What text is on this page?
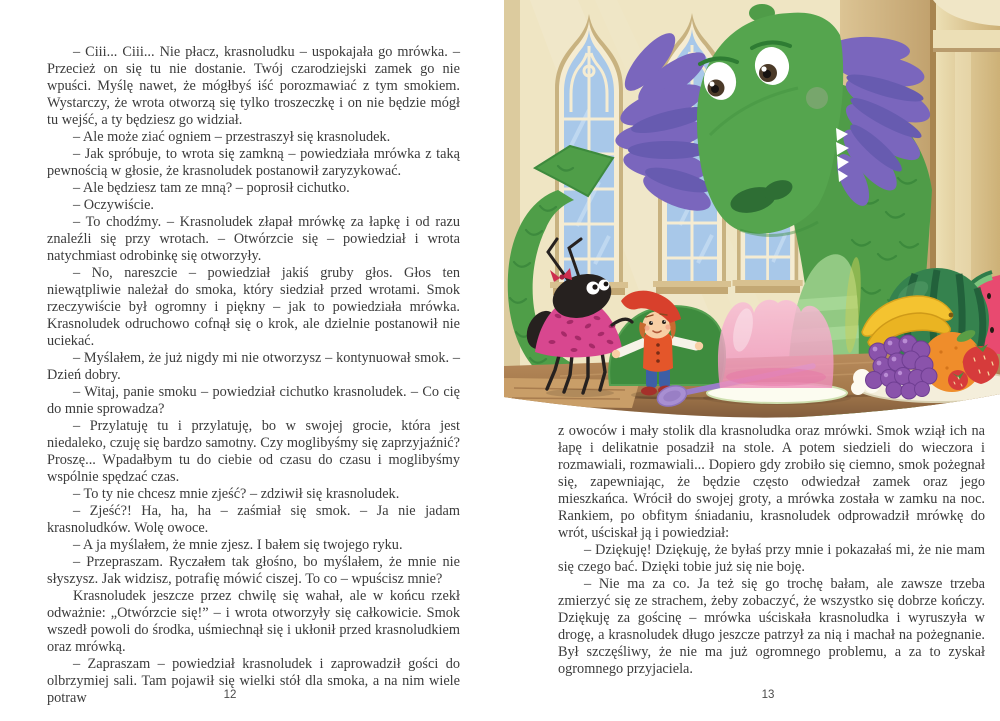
– Ciii... Ciii... Nie płacz, krasnoludku – uspokajała go mrówka. – Przecież on się tu nie dostanie. Twój czarodziejski zamek go nie wpuści. Myślę nawet, że mógłbyś iść porozmawiać z tym smokiem. Wystarczy, że wrota otworzą się tylko troszeczkę i on nie będzie mógł tu wejść, a ty będziesz go widział.

– Ale może ziać ogniem – przestraszył się krasnoludek.

– Jak spróbuje, to wrota się zamkną – powiedziała mrówka z taką pewnością w głosie, że krasnoludek postanowił zaryzykować.

– Ale będziesz tam ze mną? – poprosił cichutko.

– Oczywiście.

– To chodźmy. – Krasnoludek złapał mrówkę za łapkę i od razu znaleźli się przy wrotach. – Otwórzcie się – powiedział i wrota natychmiast odrobinkę się otworzyły.

– No, nareszcie – powiedział jakiś gruby głos. Głos ten niewątpliwie należał do smoka, który siedział przed wrotami. Smok rzeczywiście był ogromny i piękny – jak to powiedziała mrówka. Krasnoludek odruchowo cofnął się o krok, ale dzielnie postanowił nie uciekać.

– Myślałem, że już nigdy mi nie otworzysz – kontynuował smok. – Dzień dobry.

– Witaj, panie smoku – powiedział cichutko krasnoludek. – Co cię do mnie sprowadza?

– Przylatuję tu i przylatuję, bo w swojej grocie, która jest niedaleko, czuję się bardzo samotny. Czy moglibyśmy się zaprzyjaźnić? Proszę... Wpadałbym tu do ciebie od czasu do czasu i moglibyśmy wspólnie spędzać czas.

– To ty nie chcesz mnie zjeść? – zdziwił się krasnoludek.

– Zjeść?! Ha, ha, ha – zaśmiał się smok. – Ja nie jadam krasnoludków. Wolę owoce.

– A ja myślałem, że mnie zjesz. I bałem się twojego ryku.

– Przepraszam. Ryczałem tak głośno, bo myślałem, że mnie nie słyszysz. Jak widzisz, potrafię mówić ciszej. To co – wpuścisz mnie?

Krasnoludek jeszcze przez chwilę się wahał, ale w końcu rzekł odważnie: „Otwórzcie się!” – i wrota otworzyły się całkowicie. Smok wszedł powoli do środka, uśmiechnął się i ukłonił przed krasnoludkiem oraz mrówką.

– Zapraszam – powiedział krasnoludek i zaprowadził gości do olbrzymiej sali. Tam pojawił się wielki stół dla smoka, a na nim wiele potraw	12

z owoców i mały stolik dla krasnoludka oraz mrówki. Smok wziął ich na łapę i delikatnie posadził na stole. A potem siedzieli do wieczora i rozmawiali, rozmawiali... Dopiero gdy zrobiło się ciemno, smok pożegnał się, zapewniając, że będzie często odwiedzał zamek oraz jego mieszkańca. Wrócił do swojej groty, a mrówka została w zamku na noc. Rankiem, po obfitym śniadaniu, krasnoludek odprowadził mrówkę do wrót, uściskał ją i powiedział:

– Dziękuję! Dziękuję, że byłaś przy mnie i pokazałaś mi, że nie mam się czego bać. Dzięki tobie już się nie boję.

– Nie ma za co. Ja też się go trochę bałam, ale zawsze trzeba zmierzyć się ze strachem, żeby zobaczyć, że wszystko się dobrze kończy. Dziękuję za gościnę – mrówka uściskała krasnoludka i wyruszyła w drogę, a krasnoludek długo jeszcze patrzył za nią i machał na pożegnanie. Był szczęśliwy, że nie ma już ogromnego problemu, a za to zyskał ogromnego przyjaciela.

13
